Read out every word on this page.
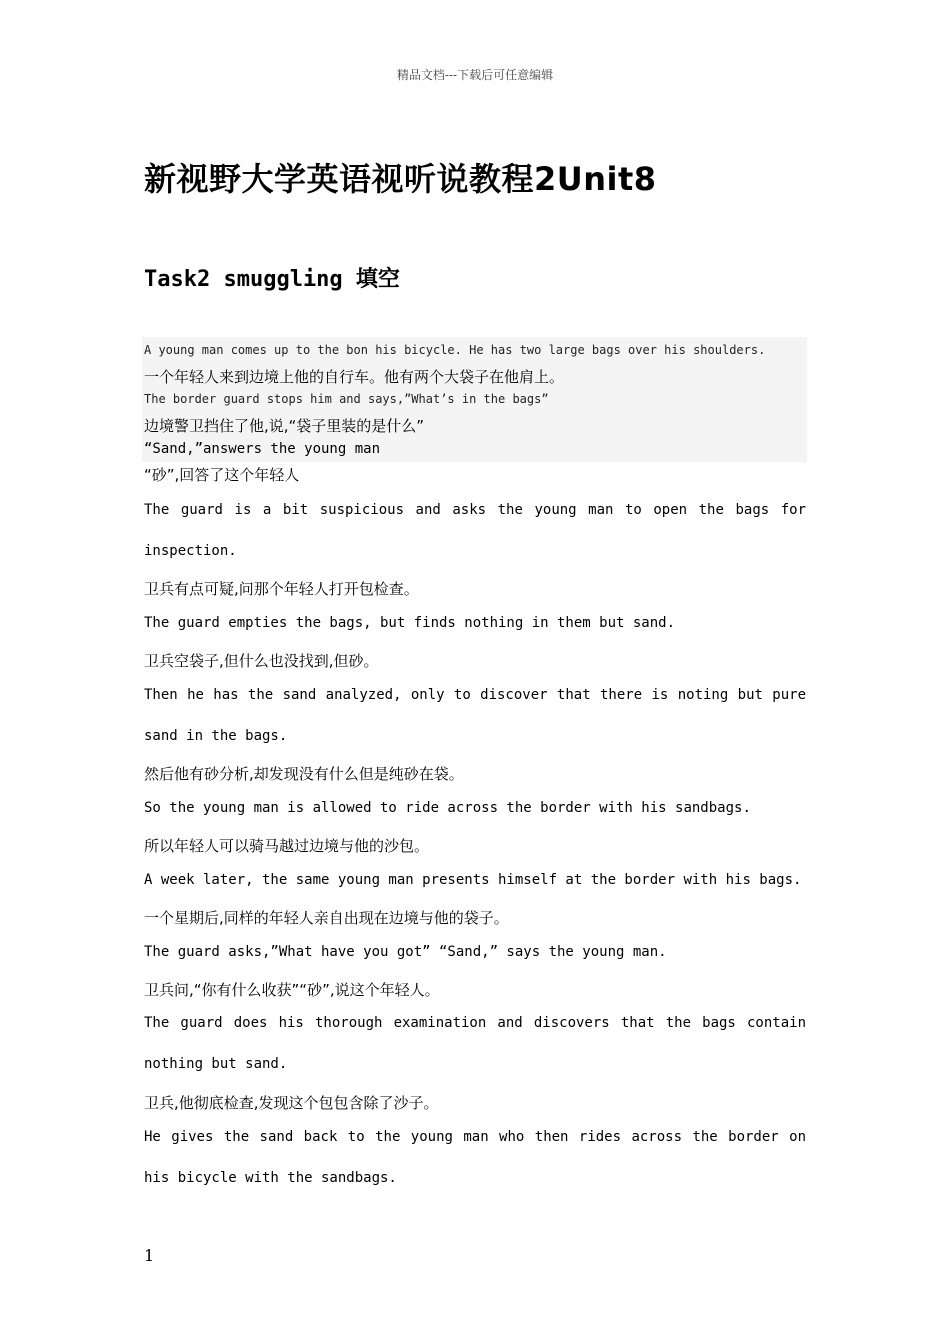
精品文档---下载后可任意编辑
新视野大学英语视听说教程2Unit8
Task2 smuggling 填空
A young man comes up to the bon his bicycle. He has two large bags over his shoulders.
一个年轻人来到边境上他的自行车。他有两个大袋子在他肩上。
The border guard stops him and says,”What’s in the bags”
边境警卫挡住了他,说,“袋子里装的是什么”
“Sand,”answers the young man
“砂”,回答了这个年轻人
The guard is a bit suspicious and asks the young man to open the bags for inspection.
卫兵有点可疑,问那个年轻人打开包检查。
The guard empties the bags, but finds nothing in them but sand.
卫兵空袋子,但什么也没找到,但砂。
Then he has the sand analyzed, only to discover that there is noting but pure sand in the bags.
然后他有砂分析,却发现没有什么但是纯砂在袋。
So the young man is allowed to ride across the border with his sandbags.
所以年轻人可以骑马越过边境与他的沙包。
A week later, the same young man presents himself at the border with his bags.
一个星期后,同样的年轻人亲自出现在边境与他的袋子。
The guard asks,”What have you got” “Sand,” says the young man.
卫兵问,“你有什么收获”“砂”,说这个年轻人。
The guard does his thorough examination and discovers that the bags contain nothing but sand.
卫兵,他彻底检查,发现这个包包含除了沙子。
He gives the sand back to the young man who then rides across the border on his bicycle with the sandbags.
1
